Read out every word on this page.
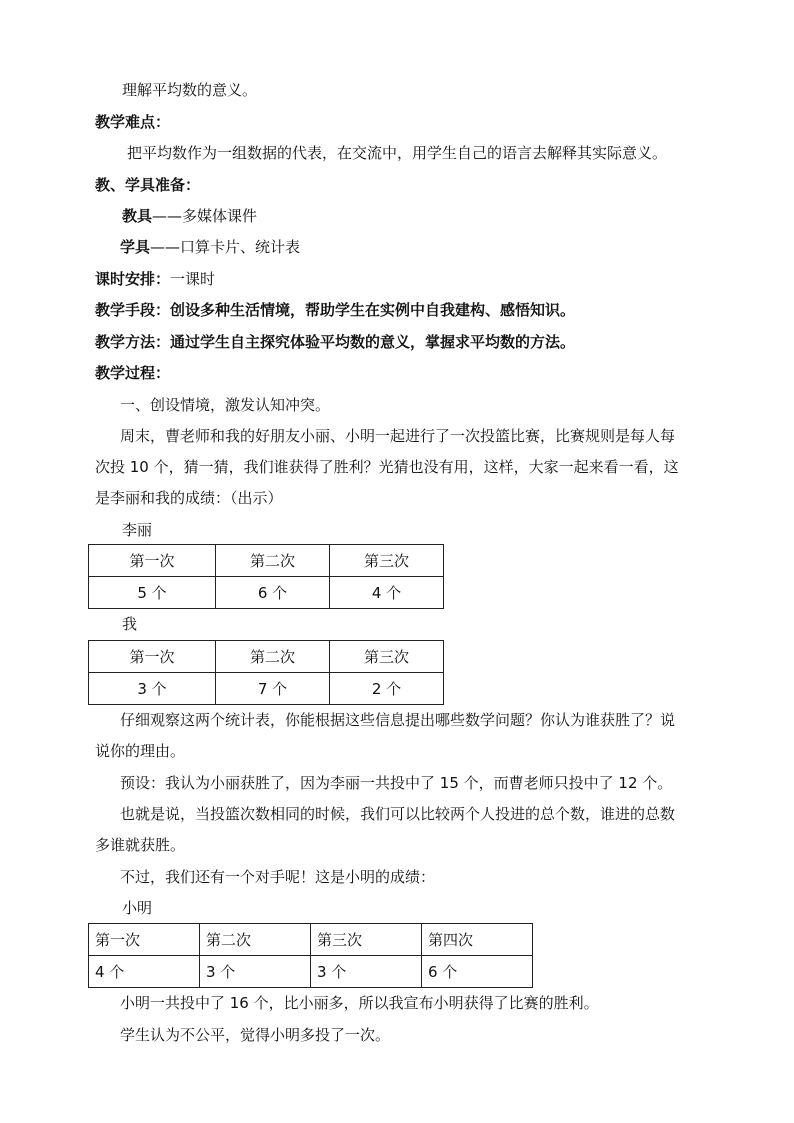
理解平均数的意义。
教学难点：
把平均数作为一组数据的代表，在交流中，用学生自己的语言去解释其实际意义。
教、学具准备：
教具——多媒体课件
学具——口算卡片、统计表
课时安排：一课时
教学手段：创设多种生活情境，帮助学生在实例中自我建构、感悟知识。
教学方法：通过学生自主探究体验平均数的意义，掌握求平均数的方法。
教学过程：
一、创设情境，激发认知冲突。
周末，曹老师和我的好朋友小丽、小明一起进行了一次投篮比赛，比赛规则是每人每
次投 10 个，猜一猜，我们谁获得了胜利？光猜也没有用，这样，大家一起来看一看，这
是李丽和我的成绩：（出示）
李丽
第一次	第二次	第三次
5 个	6 个	4 个
我
第一次	第二次	第三次
3 个	7 个	2 个
仔细观察这两个统计表，你能根据这些信息提出哪些数学问题？你认为谁获胜了？说
说你的理由。
预设：我认为小丽获胜了，因为李丽一共投中了 15 个，而曹老师只投中了 12 个。
也就是说，当投篮次数相同的时候，我们可以比较两个人投进的总个数，谁进的总数
多谁就获胜。
不过，我们还有一个对手呢！这是小明的成绩：
小明
第一次	第二次	第三次	第四次
4 个	3 个	3 个	6 个
小明一共投中了 16 个，比小丽多，所以我宣布小明获得了比赛的胜利。
学生认为不公平，觉得小明多投了一次。
